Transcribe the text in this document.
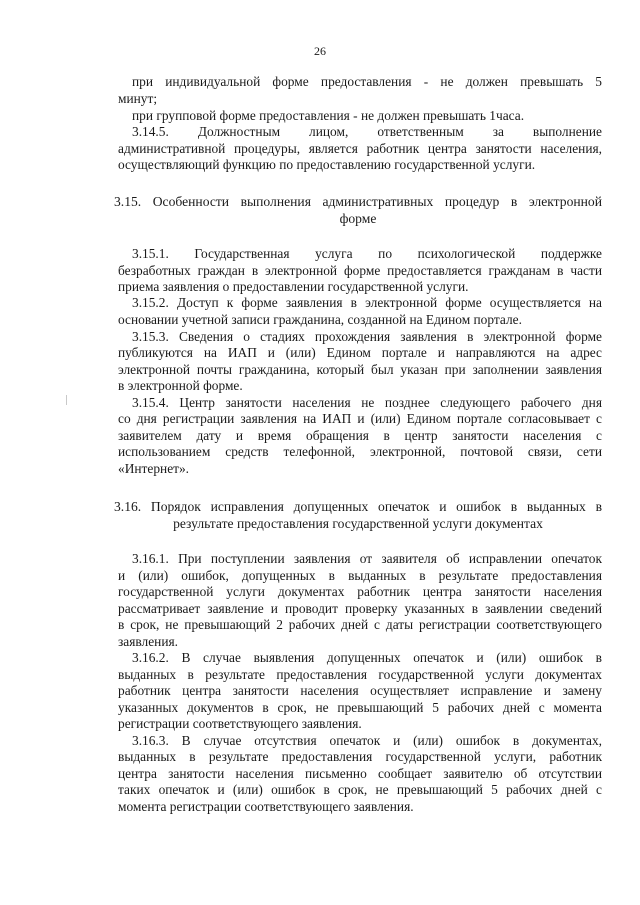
26
при индивидуальной форме предоставления - не должен превышать 5
минут;
при групповой форме предоставления - не должен превышать 1часа.
3.14.5. Должностным лицом, ответственным за выполнение
административной процедуры, является работник центра занятости населения,
осуществляющий функцию по предоставлению государственной услуги.
3.15. Особенности выполнения административных процедур в электронной
форме
3.15.1. Государственная услуга по психологической поддержке
безработных граждан в электронной форме предоставляется гражданам в части
приема заявления о предоставлении государственной услуги.
3.15.2. Доступ к форме заявления в электронной форме осуществляется на
основании учетной записи гражданина, созданной на Едином портале.
3.15.3. Сведения о стадиях прохождения заявления в электронной форме
публикуются на ИАП и (или) Едином портале и направляются на адрес
электронной почты гражданина, который был указан при заполнении заявления
в электронной форме.
3.15.4. Центр занятости населения не позднее следующего рабочего дня
со дня регистрации заявления на ИАП и (или) Едином портале согласовывает с
заявителем дату и время обращения в центр занятости населения с
использованием средств телефонной, электронной, почтовой связи, сети
«Интернет».
3.16. Порядок исправления допущенных опечаток и ошибок в выданных в
результате предоставления государственной услуги документах
3.16.1. При поступлении заявления от заявителя об исправлении опечаток
и (или) ошибок, допущенных в выданных в результате предоставления
государственной услуги документах работник центра занятости населения
рассматривает заявление и проводит проверку указанных в заявлении сведений
в срок, не превышающий 2 рабочих дней с даты регистрации соответствующего
заявления.
3.16.2. В случае выявления допущенных опечаток и (или) ошибок в
выданных в результате предоставления государственной услуги документах
работник центра занятости населения осуществляет исправление и замену
указанных документов в срок, не превышающий 5 рабочих дней с момента
регистрации соответствующего заявления.
3.16.3. В случае отсутствия опечаток и (или) ошибок в документах,
выданных в результате предоставления государственной услуги, работник
центра занятости населения письменно сообщает заявителю об отсутствии
таких опечаток и (или) ошибок в срок, не превышающий 5 рабочих дней с
момента регистрации соответствующего заявления.
